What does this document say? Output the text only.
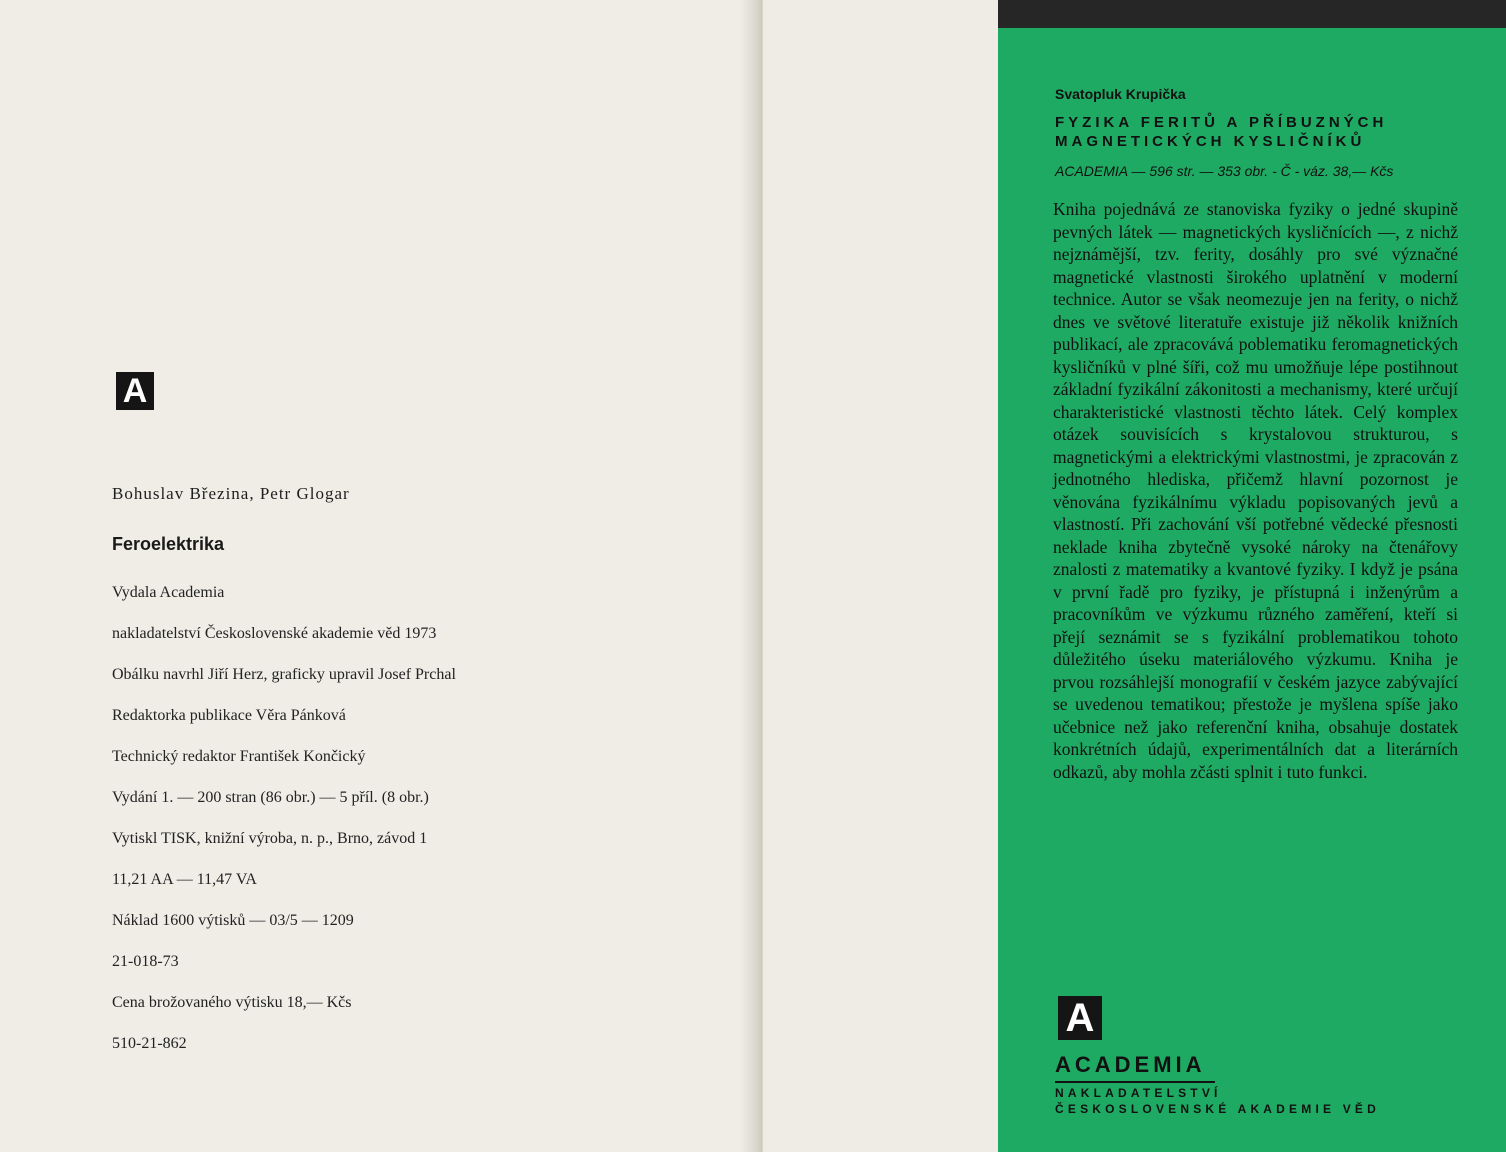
A
Bohuslav Březina, Petr Glogar
Feroelektrika
Vydala Academia
nakladatelství Československé akademie věd 1973
Obálku navrhl Jiří Herz, graficky upravil Josef Prchal
Redaktorka publikace Věra Pánková
Technický redaktor František Končický
Vydání 1. — 200 stran (86 obr.) — 5 příl. (8 obr.)
Vytiskl TISK, knižní výroba, n. p., Brno, závod 1
11,21 AA — 11,47 VA
Náklad 1600 výtisků — 03/5 — 1209
21-018-73
Cena brožovaného výtisku 18,— Kčs
510-21-862
Svatopluk Krupička
FYZIKA FERITŮ A PŘÍBUZNÝCH
MAGNETICKÝCH KYSLIČNÍKŮ
ACADEMIA — 596 str. — 353 obr. - Č - váz. 38,— Kčs
Kniha pojednává ze stanoviska fyziky o jedné skupině pevných látek — magnetických kysličnících —, z nichž nejznámější, tzv. ferity, dosáhly pro své význačné magnetické vlastnosti širokého uplatnění v moderní technice. Autor se však neomezuje jen na ferity, o nichž dnes ve světové literatuře existuje již několik knižních publikací, ale zpracovává poblematiku feromagnetických kysličníků v plné šíři, což mu umožňuje lépe postihnout základní fyzikální zákonitosti a mechanismy, které určují charakteristické vlastnosti těchto látek. Celý komplex otázek souvisících s krystalovou strukturou, s magnetickými a elektrickými vlastnostmi, je zpracován z jednotného hlediska, přičemž hlavní pozornost je věnována fyzikálnímu výkladu popisovaných jevů a vlastností. Při zachování vší potřebné vědecké přesnosti neklade kniha zbytečně vysoké nároky na čtenářovy znalosti z matematiky a kvantové fyziky. I když je psána v první řadě pro fyziky, je přístupná i inženýrům a pracovníkům ve výzkumu různého zaměření, kteří si přejí seznámit se s fyzikální problematikou tohoto důležitého úseku materiálového výzkumu. Kniha je prvou rozsáhlejší monografií v českém jazyce zabývající se uvedenou tematikou; přestože je myšlena spíše jako učebnice než jako referenční kniha, obsahuje dostatek konkrétních údajů, experimentálních dat a literárních odkazů, aby mohla zčásti splnit i tuto funkci.
A
ACADEMIA
NAKLADATELSTVÍ
ČESKOSLOVENSKÉ AKADEMIE VĚD
